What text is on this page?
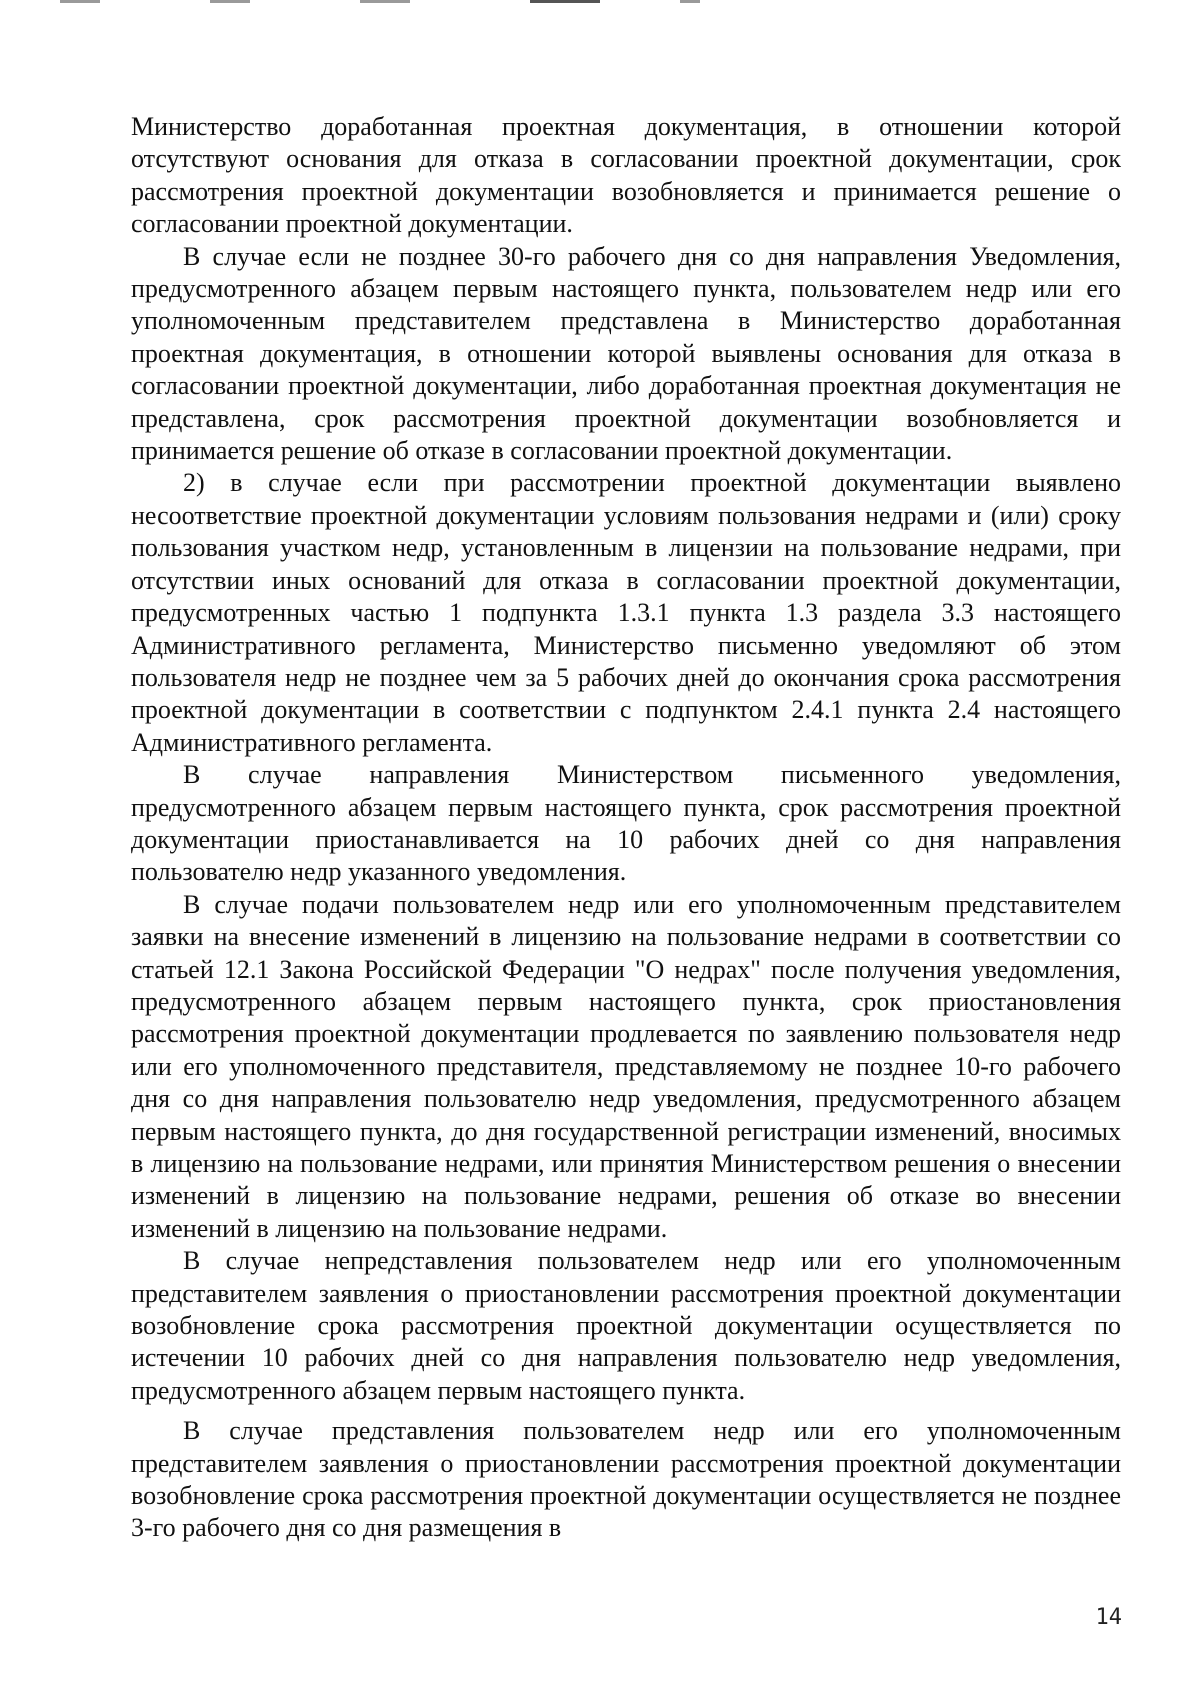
Министерство доработанная проектная документация, в отношении которой отсутствуют основания для отказа в согласовании проектной документации, срок рассмотрения проектной документации возобновляется и принимается решение о согласовании проектной документации.

В случае если не позднее 30-го рабочего дня со дня направления Уведомления, предусмотренного абзацем первым настоящего пункта, пользователем недр или его уполномоченным представителем представлена в Министерство доработанная проектная документация, в отношении которой выявлены основания для отказа в согласовании проектной документации, либо доработанная проектная документация не представлена, срок рассмотрения проектной документации возобновляется и принимается решение об отказе в согласовании проектной документации.

2) в случае если при рассмотрении проектной документации выявлено несоответствие проектной документации условиям пользования недрами и (или) сроку пользования участком недр, установленным в лицензии на пользование недрами, при отсутствии иных оснований для отказа в согласовании проектной документации, предусмотренных частью 1 подпункта 1.3.1 пункта 1.3 раздела 3.3 настоящего Административного регламента, Министерство письменно уведомляют об этом пользователя недр не позднее чем за 5 рабочих дней до окончания срока рассмотрения проектной документации в соответствии с подпунктом 2.4.1 пункта 2.4 настоящего Административного регламента.

В случае направления Министерством письменного уведомления, предусмотренного абзацем первым настоящего пункта, срок рассмотрения проектной документации приостанавливается на 10 рабочих дней со дня направления пользователю недр указанного уведомления.

В случае подачи пользователем недр или его уполномоченным представителем заявки на внесение изменений в лицензию на пользование недрами в соответствии со статьей 12.1 Закона Российской Федерации "О недрах" после получения уведомления, предусмотренного абзацем первым настоящего пункта, срок приостановления рассмотрения проектной документации продлевается по заявлению пользователя недр или его уполномоченного представителя, представляемому не позднее 10-го рабочего дня со дня направления пользователю недр уведомления, предусмотренного абзацем первым настоящего пункта, до дня государственной регистрации изменений, вносимых в лицензию на пользование недрами, или принятия Министерством решения о внесении изменений в лицензию на пользование недрами, решения об отказе во внесении изменений в лицензию на пользование недрами.

В случае непредставления пользователем недр или его уполномоченным представителем заявления о приостановлении рассмотрения проектной документации возобновление срока рассмотрения проектной документации осуществляется по истечении 10 рабочих дней со дня направления пользователю недр уведомления, предусмотренного абзацем первым настоящего пункта.

В случае представления пользователем недр или его уполномоченным представителем заявления о приостановлении рассмотрения проектной документации возобновление срока рассмотрения проектной документации осуществляется не позднее 3-го рабочего дня со дня размещения в

14
